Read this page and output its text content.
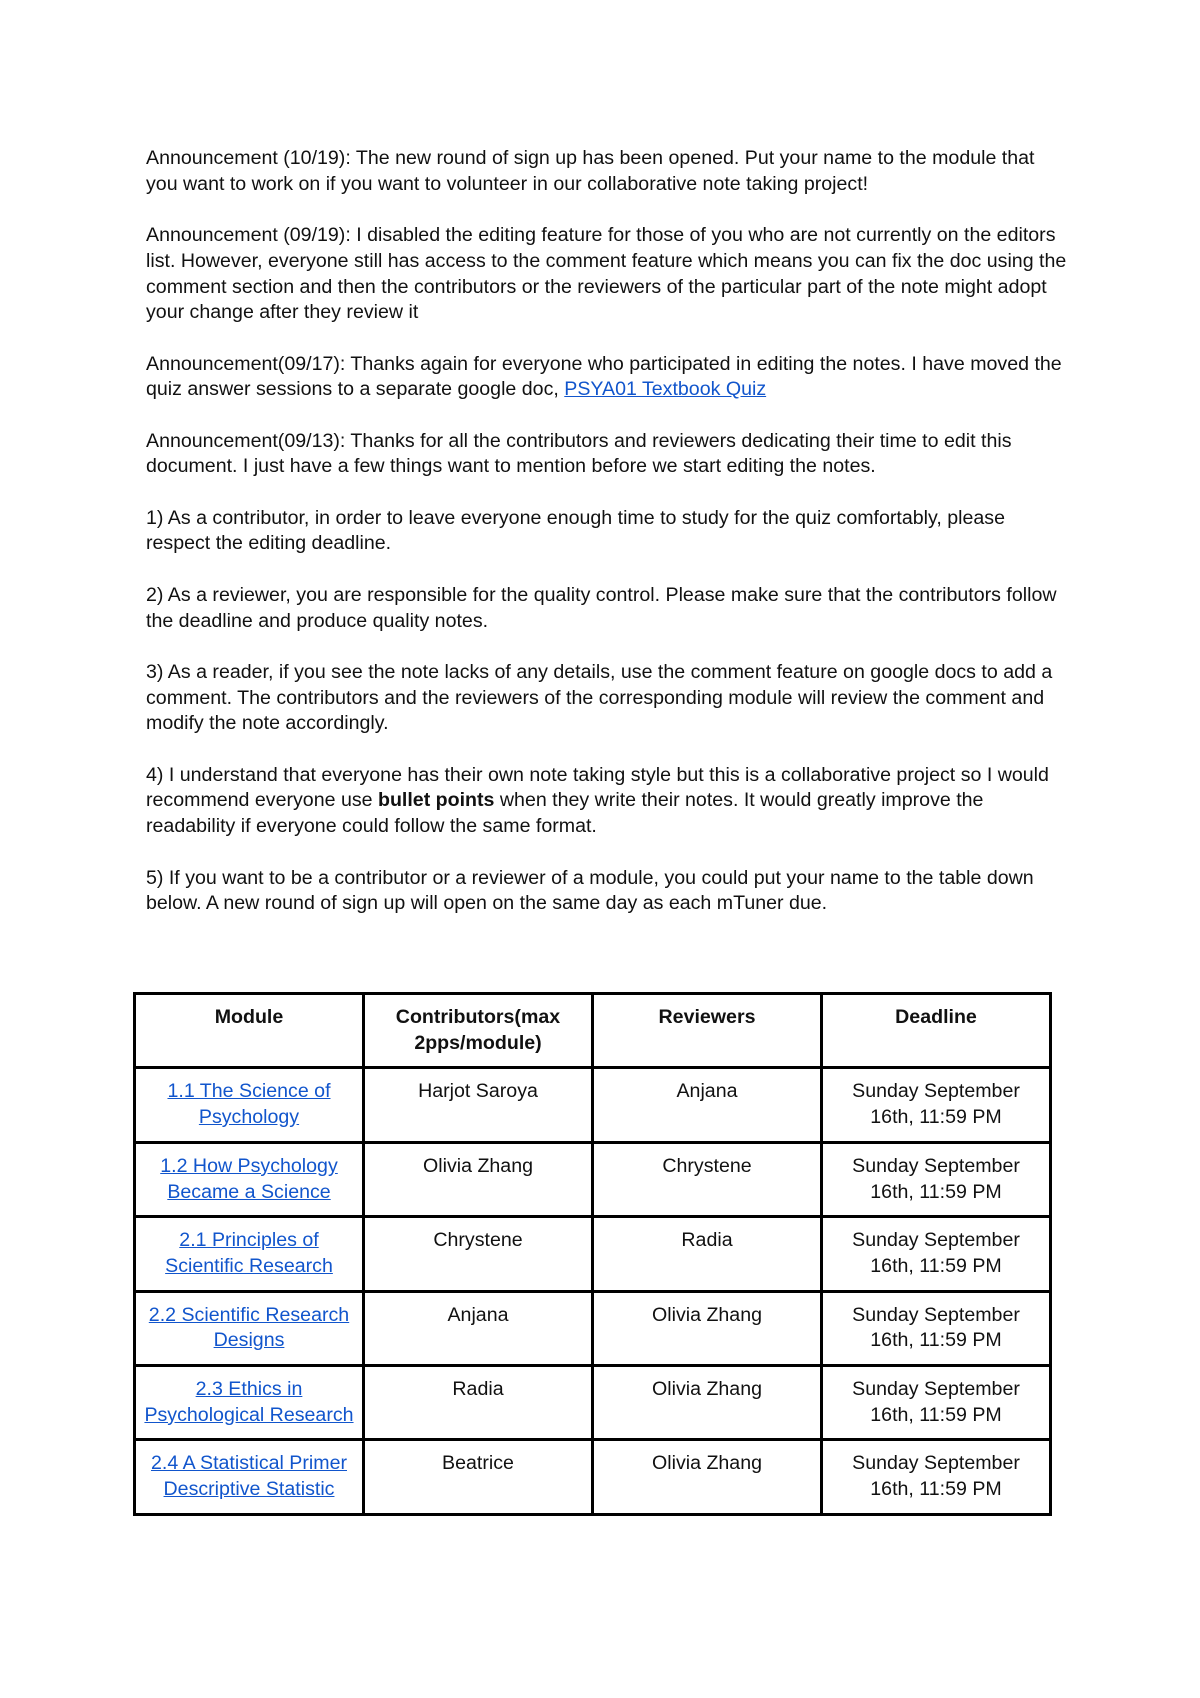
Announcement (10/19): The new round of sign up has been opened. Put your name to the module that you want to work on if you want to volunteer in our collaborative note taking project!

Announcement (09/19): I disabled the editing feature for those of you who are not currently on the editors list. However, everyone still has access to the comment feature which means you can fix the doc using the comment section and then the contributors or the reviewers of the particular part of the note might adopt your change after they review it

Announcement(09/17): Thanks again for everyone who participated in editing the notes. I have moved the quiz answer sessions to a separate google doc, PSYA01 Textbook Quiz

Announcement(09/13): Thanks for all the contributors and reviewers dedicating their time to edit this document. I just have a few things want to mention before we start editing the notes.

1) As a contributor, in order to leave everyone enough time to study for the quiz comfortably, please respect the editing deadline.

2) As a reviewer, you are responsible for the quality control. Please make sure that the contributors follow the deadline and produce quality notes.

3) As a reader, if you see the note lacks of any details, use the comment feature on google docs to add a comment. The contributors and the reviewers of the corresponding module will review the comment and modify the note accordingly.

4) I understand that everyone has their own note taking style but this is a collaborative project so I would recommend everyone use bullet points when they write their notes. It would greatly improve the readability if everyone could follow the same format.

5) If you want to be a contributor or a reviewer of a module, you could put your name to the table down below. A new round of sign up will open on the same day as each mTuner due.

Module	Contributors(max 2pps/module)	Reviewers	Deadline
1.1 The Science of Psychology	Harjot Saroya	Anjana	Sunday September 16th, 11:59 PM
1.2 How Psychology Became a Science	Olivia Zhang	Chrystene	Sunday September 16th, 11:59 PM
2.1 Principles of Scientific Research	Chrystene	Radia	Sunday September 16th, 11:59 PM
2.2 Scientific Research Designs	Anjana	Olivia Zhang	Sunday September 16th, 11:59 PM
2.3 Ethics in Psychological Research	Radia	Olivia Zhang	Sunday September 16th, 11:59 PM
2.4 A Statistical Primer Descriptive Statistic	Beatrice	Olivia Zhang	Sunday September 16th, 11:59 PM
